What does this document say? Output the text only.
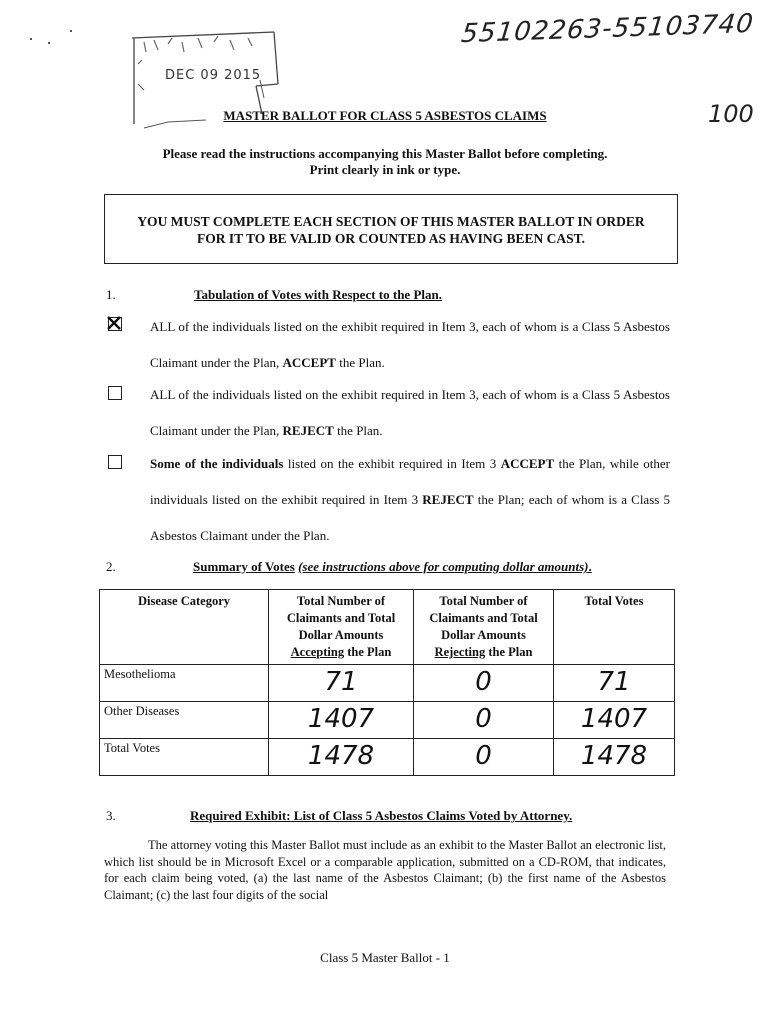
55102263-55103740
100
DEC 09 2015
MASTER BALLOT FOR CLASS 5 ASBESTOS CLAIMS
Please read the instructions accompanying this Master Ballot before completing.
Print clearly in ink or type.
YOU MUST COMPLETE EACH SECTION OF THIS MASTER BALLOT IN ORDER
FOR IT TO BE VALID OR COUNTED AS HAVING BEEN CAST.
1.	Tabulation of Votes with Respect to the Plan.
ALL of the individuals listed on the exhibit required in Item 3, each of whom is a Class 5 Asbestos Claimant under the Plan, ACCEPT the Plan.
ALL of the individuals listed on the exhibit required in Item 3, each of whom is a Class 5 Asbestos Claimant under the Plan, REJECT the Plan.
Some of the individuals listed on the exhibit required in Item 3 ACCEPT the Plan, while other individuals listed on the exhibit required in Item 3 REJECT the Plan; each of whom is a Class 5 Asbestos Claimant under the Plan.
2.	Summary of Votes (see instructions above for computing dollar amounts).
Disease Category	Total Number of Claimants and Total Dollar Amounts Accepting the Plan	Total Number of Claimants and Total Dollar Amounts Rejecting the Plan	Total Votes
Mesothelioma	71	0	71
Other Diseases	1407	0	1407
Total Votes	1478	0	1478
3.	Required Exhibit: List of Class 5 Asbestos Claims Voted by Attorney.
The attorney voting this Master Ballot must include as an exhibit to the Master Ballot an electronic list, which list should be in Microsoft Excel or a comparable application, submitted on a CD-ROM, that indicates, for each claim being voted, (a) the last name of the Asbestos Claimant; (b) the first name of the Asbestos Claimant; (c) the last four digits of the social
Class 5 Master Ballot - 1
